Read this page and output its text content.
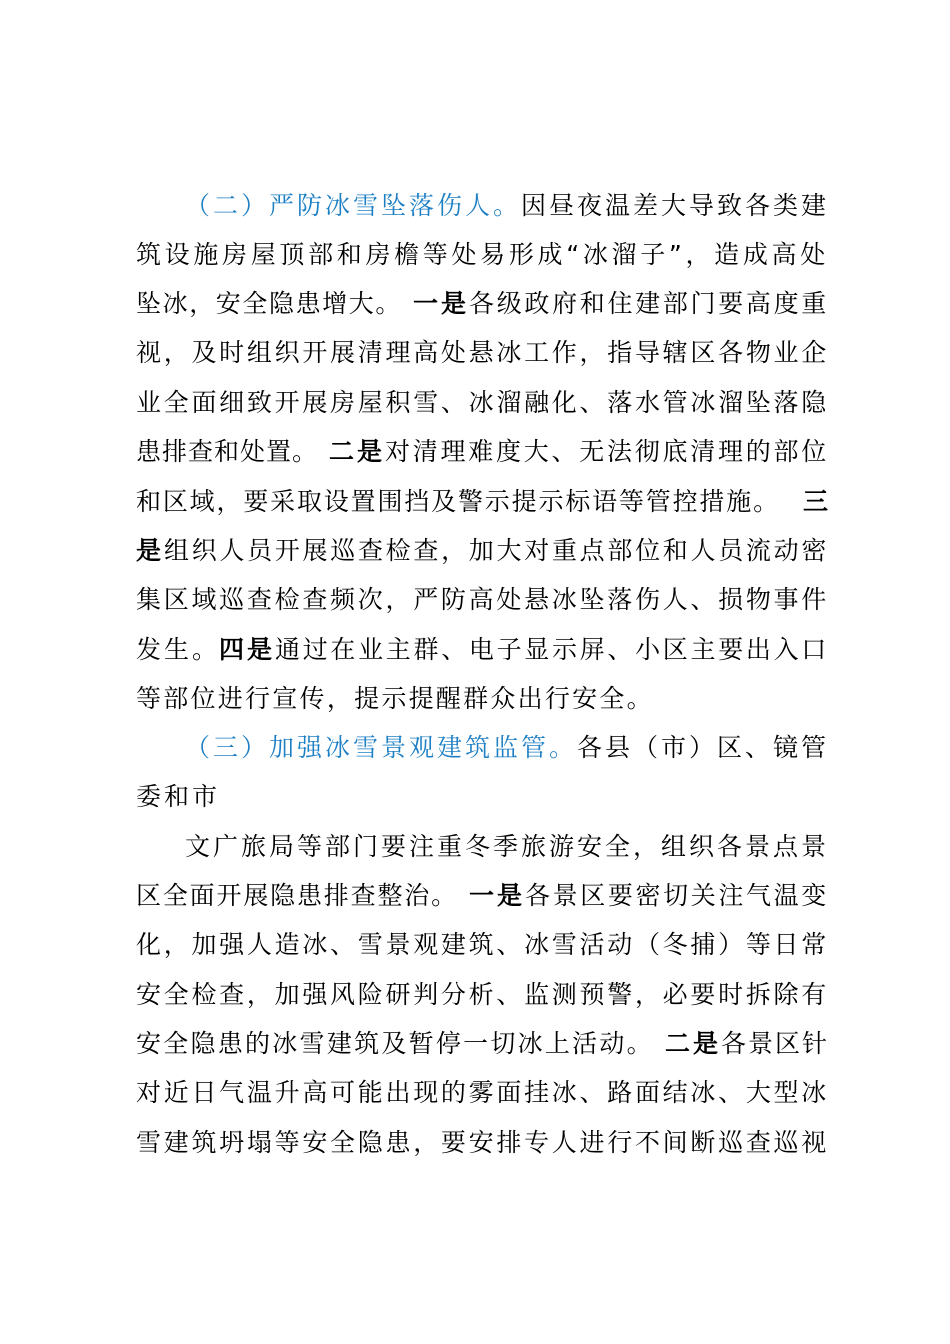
（二）严防冰雪坠落伤人。 因昼夜温差大导致各类建
筑设施房屋顶部和房檐等处易形成“冰溜子”，造成高处
坠冰，安全隐患增大。 一是 各级政府和住建部门要高度重
视，及时组织开展清理高处悬冰工作，指导辖区各物业企
业全面细致开展房屋积雪、冰溜融化、落水管冰溜坠落隐
患排查和处置。 二是 对清理难度大、无法彻底清理的部位
和区域，要采取设置围挡及警示提示标语等管控措施。 三
是 组织人员开展巡查检查，加大对重点部位和人员流动密
集区域巡查检查频次，严防高处悬冰坠落伤人、损物事件
发生。 四是 通过在业主群、电子显示屏、小区主要出入口
等部位进行宣传，提示提醒群众出行安全。
（三）加强冰雪景观建筑监管。 各县（市）区、镜管
委和市
文广旅局等部门要注重冬季旅游安全，组织各景点景
区全面开展隐患排查整治。 一是 各景区要密切关注气温变
化，加强人造冰、雪景观建筑、冰雪活动（冬捕）等日常
安全检查，加强风险研判分析、监测预警，必要时拆除有
安全隐患的冰雪建筑及暂停一切冰上活动。 二是 各景区针
对近日气温升高可能出现的雾面挂冰、路面结冰、大型冰
雪建筑坍塌等安全隐患，要安排专人进行不间断巡查巡视
